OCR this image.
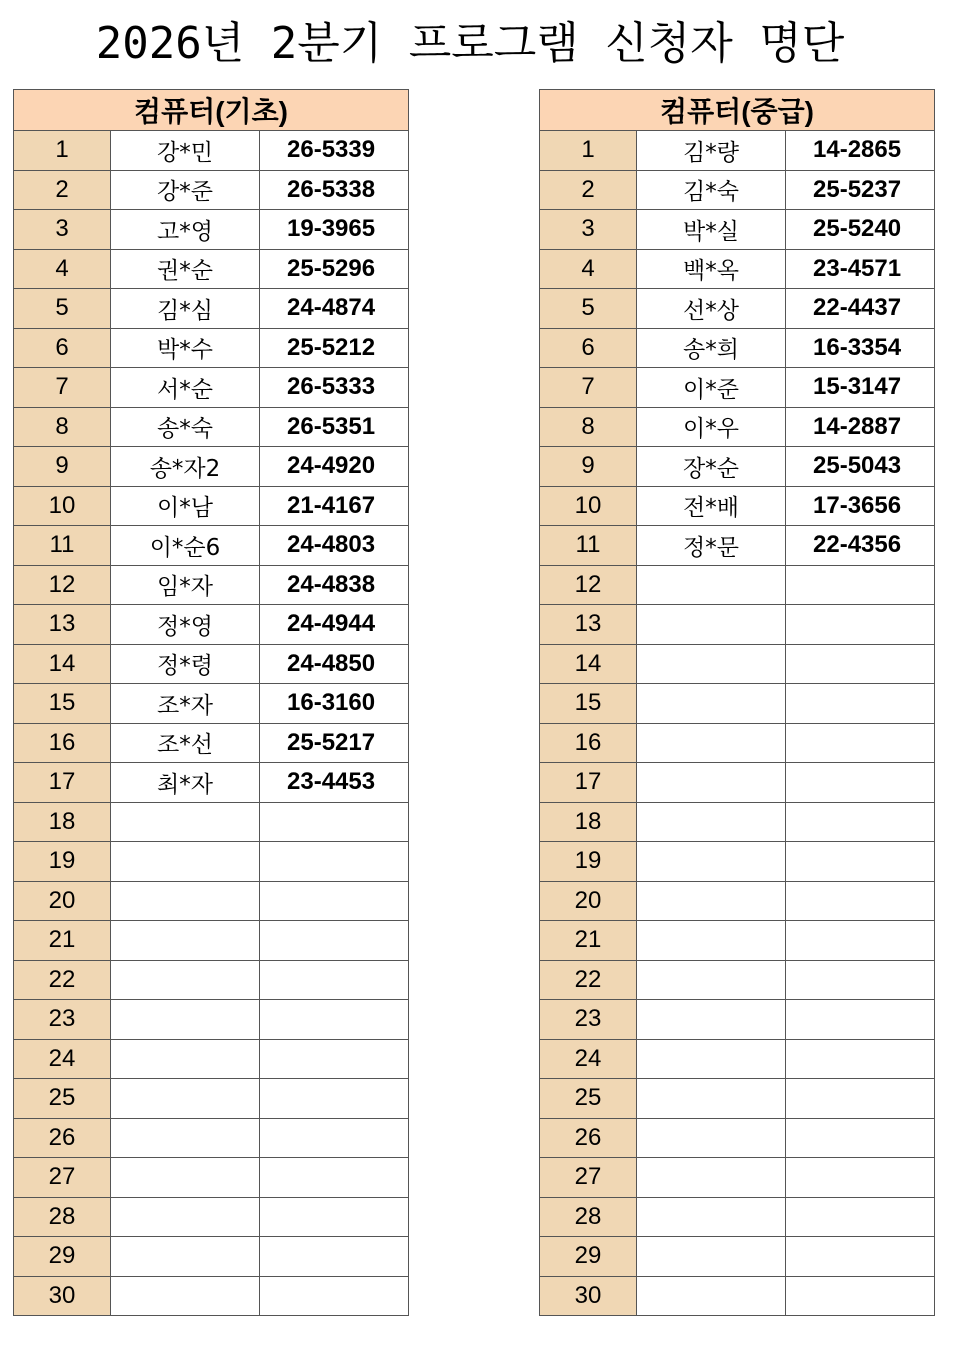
2026년 2분기 프로그램 신청자 명단
컴퓨터(기초)		
1	강*민	26-5339
2	강*준	26-5338
3	고*영	19-3965
4	권*순	25-5296
5	김*심	24-4874
6	박*수	25-5212
7	서*순	26-5333
8	송*숙	26-5351
9	송*자2	24-4920
10	이*남	21-4167
11	이*순6	24-4803
12	임*자	24-4838
13	정*영	24-4944
14	정*령	24-4850
15	조*자	16-3160
16	조*선	25-5217
17	최*자	23-4453
18		
19		
20		
21		
22		
23		
24		
25		
26		
27		
28		
29		
30		
컴퓨터(중급)		
1	김*량	14-2865
2	김*숙	25-5237
3	박*실	25-5240
4	백*옥	23-4571
5	선*상	22-4437
6	송*희	16-3354
7	이*준	15-3147
8	이*우	14-2887
9	장*순	25-5043
10	전*배	17-3656
11	정*문	22-4356
12		
13		
14		
15		
16		
17		
18		
19		
20		
21		
22		
23		
24		
25		
26		
27		
28		
29		
30		
